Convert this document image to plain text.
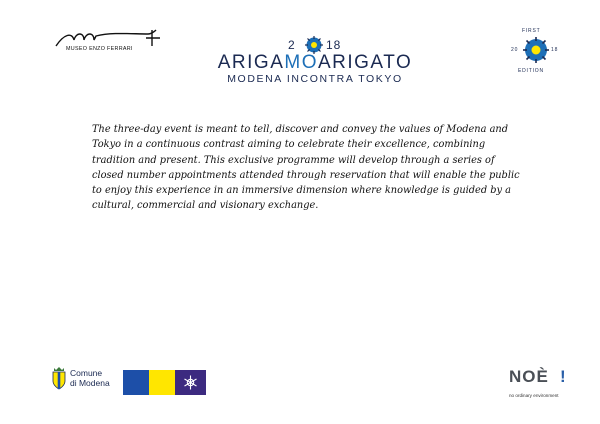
MUSEO ENZO FERRARI	2	18
ARIGAMOARIGATO
MODENA INCONTRA TOKYO
FIRST
20	18
EDITION
The three-day event is meant to tell, discover and convey the values of Modena and Tokyo in a continuous contrast aiming to celebrate their excellence, combining tradition and present. This exclusive programme will develop through a series of closed number appointments attended through reservation that will enable the public to enjoy this experience in an immersive dimension where knowledge is guided by a cultural, commercial and visionary exchange.
Comune
di Modena	NOÈ !
no ordinary environment
